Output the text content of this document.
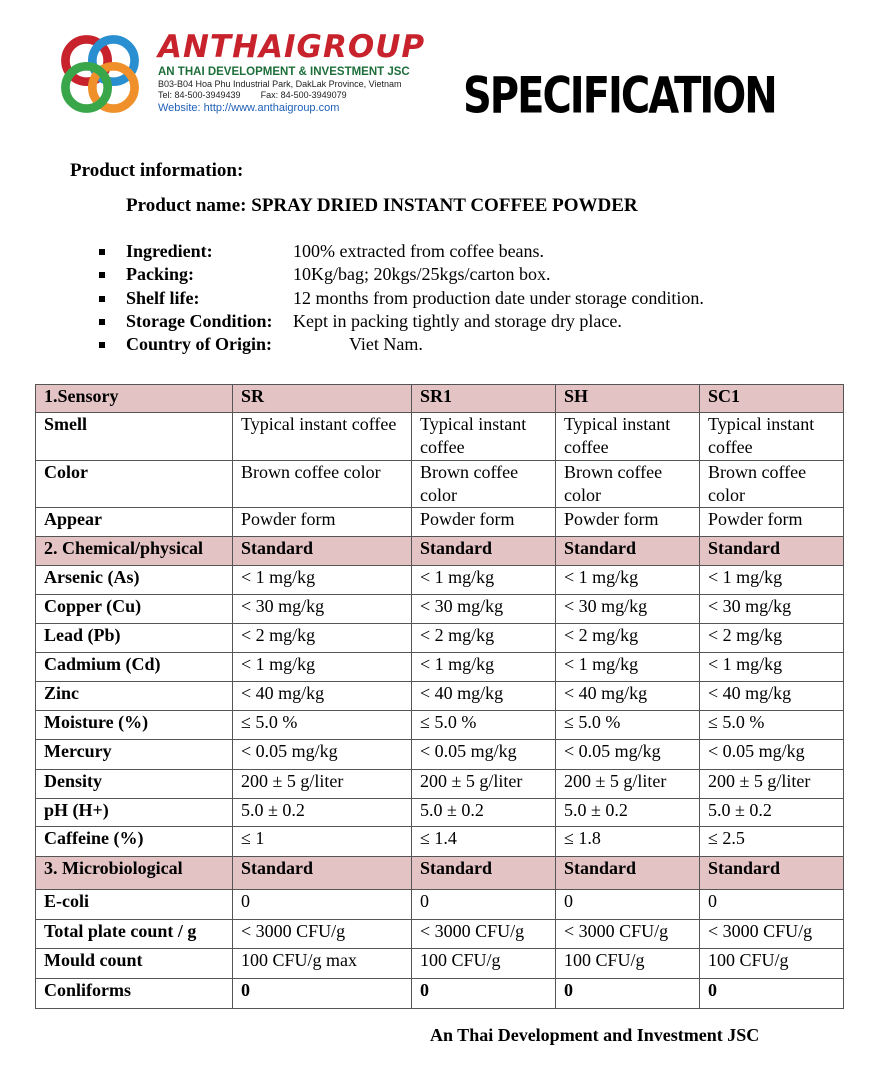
ANTHAIGROUP
AN THAI DEVELOPMENT & INVESTMENT JSC
B03-B04 Hoa Phu Industrial Park, DakLak Province, Vietnam
Tel: 84-500-3949439 Fax: 84-500-3949079
Website: http://www.anthaigroup.com	SPECIFICATION
Product information:
Product name: SPRAY DRIED INSTANT COFFEE POWDER
Ingredient:	100% extracted from coffee beans.
Packing:	10Kg/bag; 20kgs/25kgs/carton box.
Shelf life:	12 months from production date under storage condition.
Storage Condition: Kept in packing tightly and storage dry place.
Country of Origin:	Viet Nam.
1.Sensory	SR	SR1	SH	SC1
Smell	Typical instant coffee	Typical instant coffee	Typical instant coffee	Typical instant coffee
Color	Brown coffee color	Brown coffee color	Brown coffee color	Brown coffee color
Appear	Powder form	Powder form	Powder form	Powder form
2. Chemical/physical	Standard	Standard	Standard	Standard
Arsenic (As)	< 1 mg/kg	< 1 mg/kg	< 1 mg/kg	< 1 mg/kg
Copper (Cu)	< 30 mg/kg	< 30 mg/kg	< 30 mg/kg	< 30 mg/kg
Lead (Pb)	< 2 mg/kg	< 2 mg/kg	< 2 mg/kg	< 2 mg/kg
Cadmium (Cd)	< 1 mg/kg	< 1 mg/kg	< 1 mg/kg	< 1 mg/kg
Zinc	< 40 mg/kg	< 40 mg/kg	< 40 mg/kg	< 40 mg/kg
Moisture (%)	≤ 5.0 %	≤ 5.0 %	≤ 5.0 %	≤ 5.0 %
Mercury	< 0.05 mg/kg	< 0.05 mg/kg	< 0.05 mg/kg	< 0.05 mg/kg
Density	200 ± 5 g/liter	200 ± 5 g/liter	200 ± 5 g/liter	200 ± 5 g/liter
pH (H+)	5.0 ± 0.2	5.0 ± 0.2	5.0 ± 0.2	5.0 ± 0.2
Caffeine (%)	≤ 1	≤ 1.4	≤ 1.8	≤ 2.5
3. Microbiological	Standard	Standard	Standard	Standard
E-coli	0	0	0	0
Total plate count / g	< 3000 CFU/g	< 3000 CFU/g	< 3000 CFU/g	< 3000 CFU/g
Mould count	100 CFU/g max	100 CFU/g	100 CFU/g	100 CFU/g
Conliforms	0	0	0	0
An Thai Development and Investment JSC
